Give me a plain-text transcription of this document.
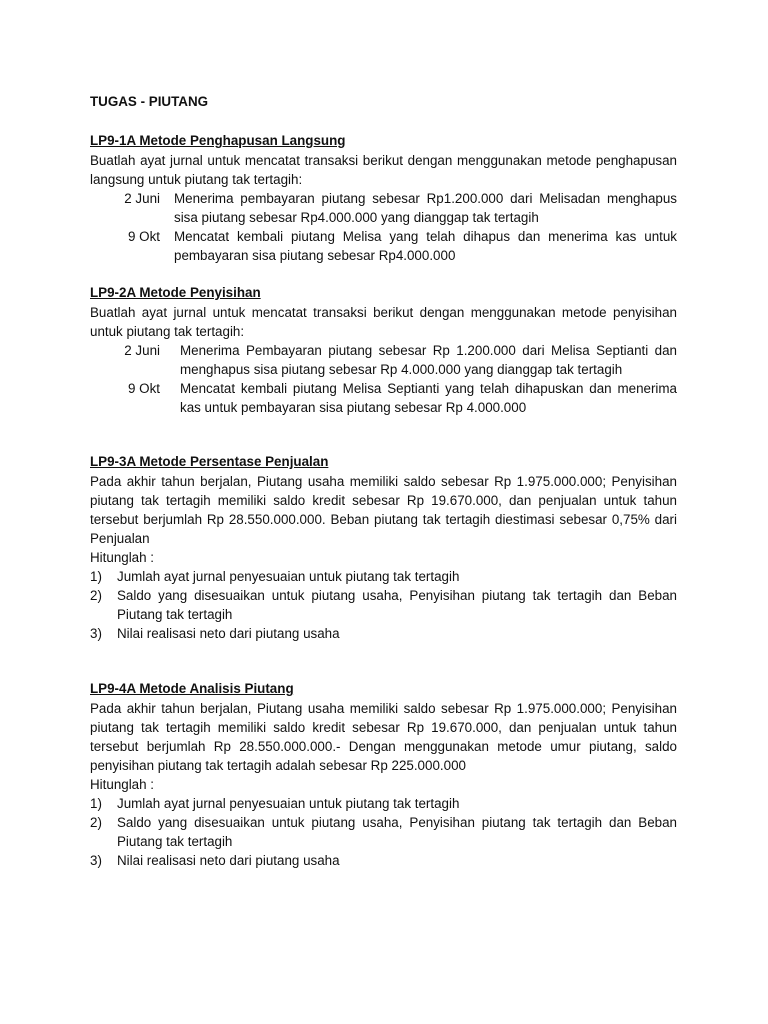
TUGAS - PIUTANG
LP9-1A Metode Penghapusan Langsung
Buatlah ayat jurnal untuk mencatat transaksi berikut dengan menggunakan metode penghapusan langsung untuk piutang tak tertagih:
2 Juni	Menerima pembayaran piutang sebesar Rp1.200.000 dari Melisadan menghapus sisa piutang sebesar Rp4.000.000 yang dianggap tak tertagih
9 Okt	Mencatat kembali piutang Melisa yang telah dihapus dan menerima kas untuk pembayaran sisa piutang sebesar Rp4.000.000
LP9-2A Metode Penyisihan
Buatlah ayat jurnal untuk mencatat transaksi berikut dengan menggunakan metode penyisihan untuk piutang tak tertagih:
2 Juni	Menerima Pembayaran piutang sebesar Rp 1.200.000 dari Melisa Septianti dan menghapus sisa piutang sebesar Rp 4.000.000 yang dianggap tak tertagih
9 Okt	Mencatat kembali piutang Melisa Septianti yang telah dihapuskan dan menerima kas untuk pembayaran sisa piutang sebesar Rp 4.000.000
LP9-3A Metode Persentase Penjualan
Pada akhir tahun berjalan, Piutang usaha memiliki saldo sebesar Rp 1.975.000.000; Penyisihan piutang tak tertagih memiliki saldo kredit sebesar Rp 19.670.000, dan penjualan untuk tahun tersebut berjumlah Rp 28.550.000.000. Beban piutang tak tertagih diestimasi sebesar 0,75% dari Penjualan
Hitunglah :
1)	Jumlah ayat jurnal penyesuaian untuk piutang tak tertagih
2)	Saldo yang disesuaikan untuk piutang usaha, Penyisihan piutang tak tertagih dan Beban Piutang tak tertagih
3)	Nilai realisasi neto dari piutang usaha
LP9-4A Metode Analisis Piutang
Pada akhir tahun berjalan, Piutang usaha memiliki saldo sebesar Rp 1.975.000.000; Penyisihan piutang tak tertagih memiliki saldo kredit sebesar Rp 19.670.000, dan penjualan untuk tahun tersebut berjumlah Rp 28.550.000.000.- Dengan menggunakan metode umur piutang, saldo penyisihan piutang tak tertagih adalah sebesar Rp 225.000.000
Hitunglah :
1)	Jumlah ayat jurnal penyesuaian untuk piutang tak tertagih
2)	Saldo yang disesuaikan untuk piutang usaha, Penyisihan piutang tak tertagih dan Beban Piutang tak tertagih
3)	Nilai realisasi neto dari piutang usaha
